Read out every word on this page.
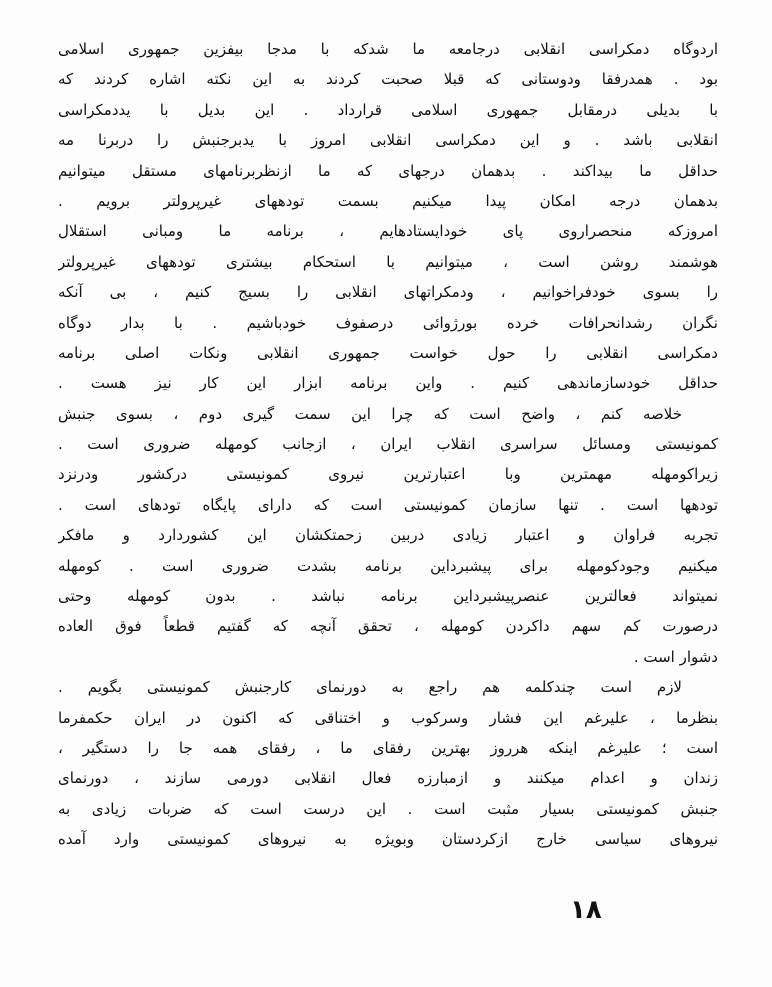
اردوگاه دمکراسی انقلابی درجامعه ما شدکه با مدجا بیفزین جمهوری اسلامی
بود . همدرفقا ودوستانی که قبلا صحبت کردند به این نکته اشاره کردند که
با بدیلی درمقابل جمهوری اسلامی قرارداد . این بدیل با یددمکراسی
انقلابی باشد . و این دمکراسی انقلابی امروز با یدبرجنبش را دربرنا مه
حداقل ما بیداکند . بدهمان درجهای که ما ازنظربرنامهای مستقل میتوانیم
بدهمان درجه امکان پیدا میکنیم بسمت تودههای غیرپرولتر برویم .
امروزکه منحصراروی پای خودایستادهایم ، برنامه ما ومبانی استقلال
هوشمند روشن است ، میتوانیم با استحکام بیشتری تودههای غیرپرولتر
را بسوی خودفراخوانیم ، ودمکراتهای انقلابی را بسیج کنیم ، بی آنکه
نگران رشدانحرافات خرده بورژوائی درصفوف خودباشیم . با بدار دوگاه
دمکراسی انقلابی را حول خواست جمهوری انقلابی ونکات اصلی برنامه
حداقل خودسازماندهی کنیم . واین برنامه ابزار این کار نیز هست .
خلاصه کنم ، واضح است که چرا این سمت گیری دوم ، بسوی جنبش
کمونیستی ومسائل سراسری انقلاب ایران ، ازجانب کومهله ضروری است .
زیراکومهله مهمترین وبا اعتبارترین نیروی کمونیستی درکشور ودرنزد
تودهها است . تنها سازمان کمونیستی است که دارای پایگاه تودهای است .
تجربه فراوان و اعتبار زیادی دربین زحمتکشان این کشوردارد و مافکر
میکنیم وجودکومهله برای پیشبرداین برنامه بشدت ضروری است . کومهله
نمیتواند فعالترین عنصرپیشبرداین برنامه نباشد . بدون کومهله وحتی
درصورت کم سهم داکردن کومهله ، تحقق آنچه که گفتیم قطعاً فوق العاده
دشوار است .
لازم است چندکلمه هم راجع به دورنمای کارجنبش کمونیستی بگویم .
بنظرما ، علیرغم این فشار وسرکوب و اختناقی که اکنون در ایران حکمفرما
است ؛ علیرغم اینکه هرروز بهترین رفقای ما ، رفقای همه جا را دستگیر ،
زندان و اعدام میکنند و ازمبارزه فعال انقلابی دورمی سازند ، دورنمای
جنبش کمونیستی بسیار مثبت است . این درست است که ضربات زیادی به
نیروهای سیاسی خارج ازکردستان وبویژه به نیروهای کمونیستی وارد آمده
۱۸
